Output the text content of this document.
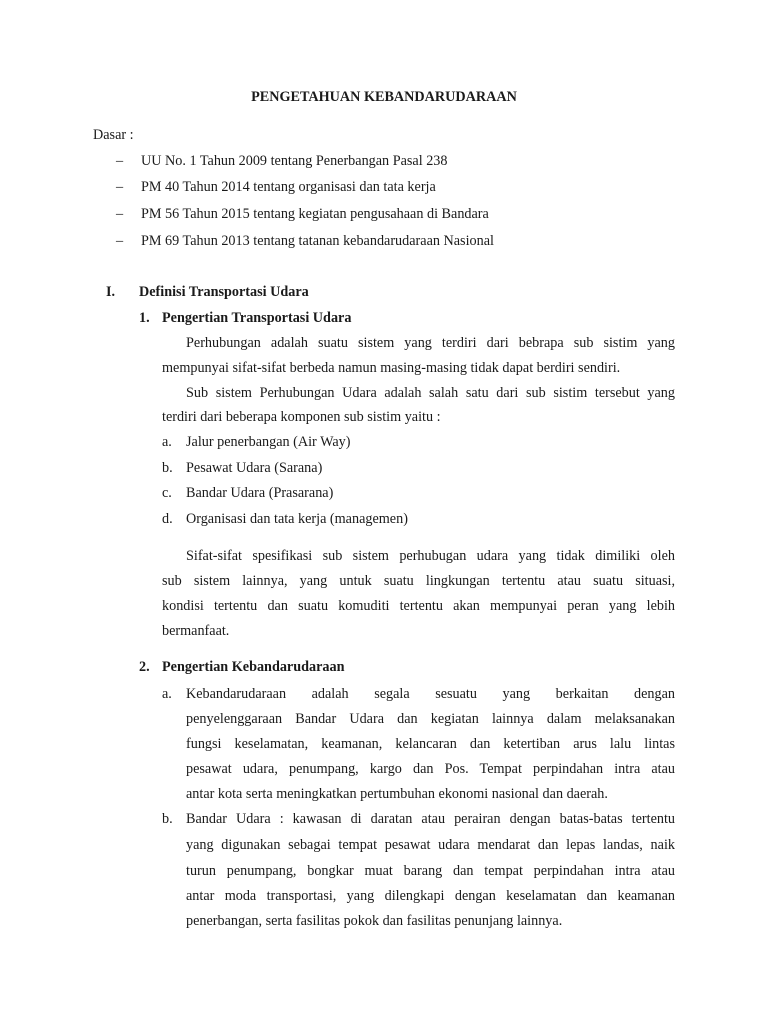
PENGETAHUAN KEBANDARUDARAAN
Dasar :
–	UU No. 1 Tahun 2009 tentang Penerbangan Pasal 238
–	PM 40 Tahun 2014 tentang organisasi dan tata kerja
–	PM 56 Tahun 2015 tentang kegiatan pengusahaan di Bandara
–	PM 69 Tahun 2013 tentang tatanan kebandarudaraan Nasional
I. Definisi Transportasi Udara
1. Pengertian Transportasi Udara
Perhubungan adalah suatu sistem yang terdiri dari bebrapa sub sistim yang
mempunyai sifat-sifat berbeda namun masing-masing tidak dapat berdiri sendiri.
Sub sistem Perhubungan Udara adalah salah satu dari sub sistim tersebut yang
terdiri dari beberapa komponen sub sistim yaitu :
a. Jalur penerbangan (Air Way)
b. Pesawat Udara (Sarana)
c. Bandar Udara (Prasarana)
d. Organisasi dan tata kerja (managemen)
Sifat-sifat spesifikasi sub sistem perhubugan udara yang tidak dimiliki oleh
sub sistem lainnya, yang untuk suatu lingkungan tertentu atau suatu situasi,
kondisi tertentu dan suatu komuditi tertentu akan mempunyai peran yang lebih
bermanfaat.
2. Pengertian Kebandarudaraan
a. Kebandarudaraan adalah segala sesuatu yang berkaitan dengan
penyelenggaraan Bandar Udara dan kegiatan lainnya dalam melaksanakan
fungsi keselamatan, keamanan, kelancaran dan ketertiban arus lalu lintas
pesawat udara, penumpang, kargo dan Pos. Tempat perpindahan intra atau
antar kota serta meningkatkan pertumbuhan ekonomi nasional dan daerah.
b. Bandar Udara : kawasan di daratan atau perairan dengan batas-batas tertentu
yang digunakan sebagai tempat pesawat udara mendarat dan lepas landas, naik
turun penumpang, bongkar muat barang dan tempat perpindahan intra atau
antar moda transportasi, yang dilengkapi dengan keselamatan dan keamanan
penerbangan, serta fasilitas pokok dan fasilitas penunjang lainnya.
